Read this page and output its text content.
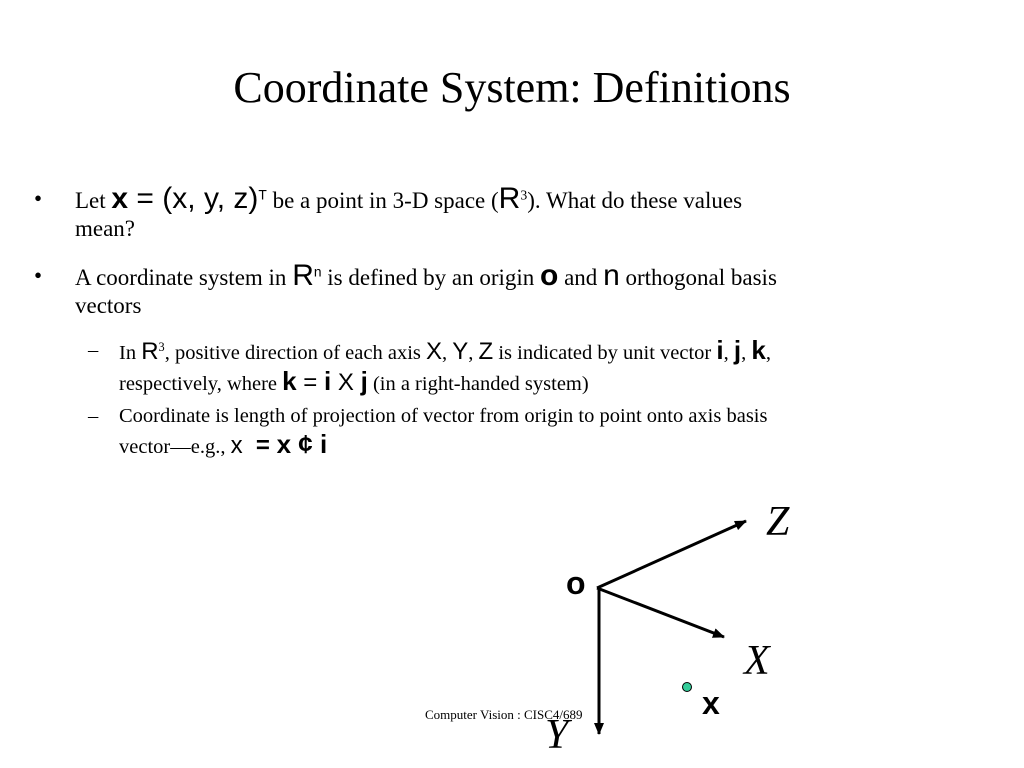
Coordinate System: Definitions
• Let x = (x, y, z)$^T$ be a point in 3-D space $(R^3)$. What do these values
mean?
• A coordinate system in $R^n$ is defined by an origin o and n orthogonal basis
vectors
– In $R^3$, positive direction of each axis X, Y, Z is indicated by unit vector i, j, k,
respectively, where k = i X j (in a right-handed system)
– Coordinate is length of projection of vector from origin to point onto axis basis
vector—e.g., x  = x ¢ i
o
Z
X
Y
x
Computer Vision : CISC4/689
